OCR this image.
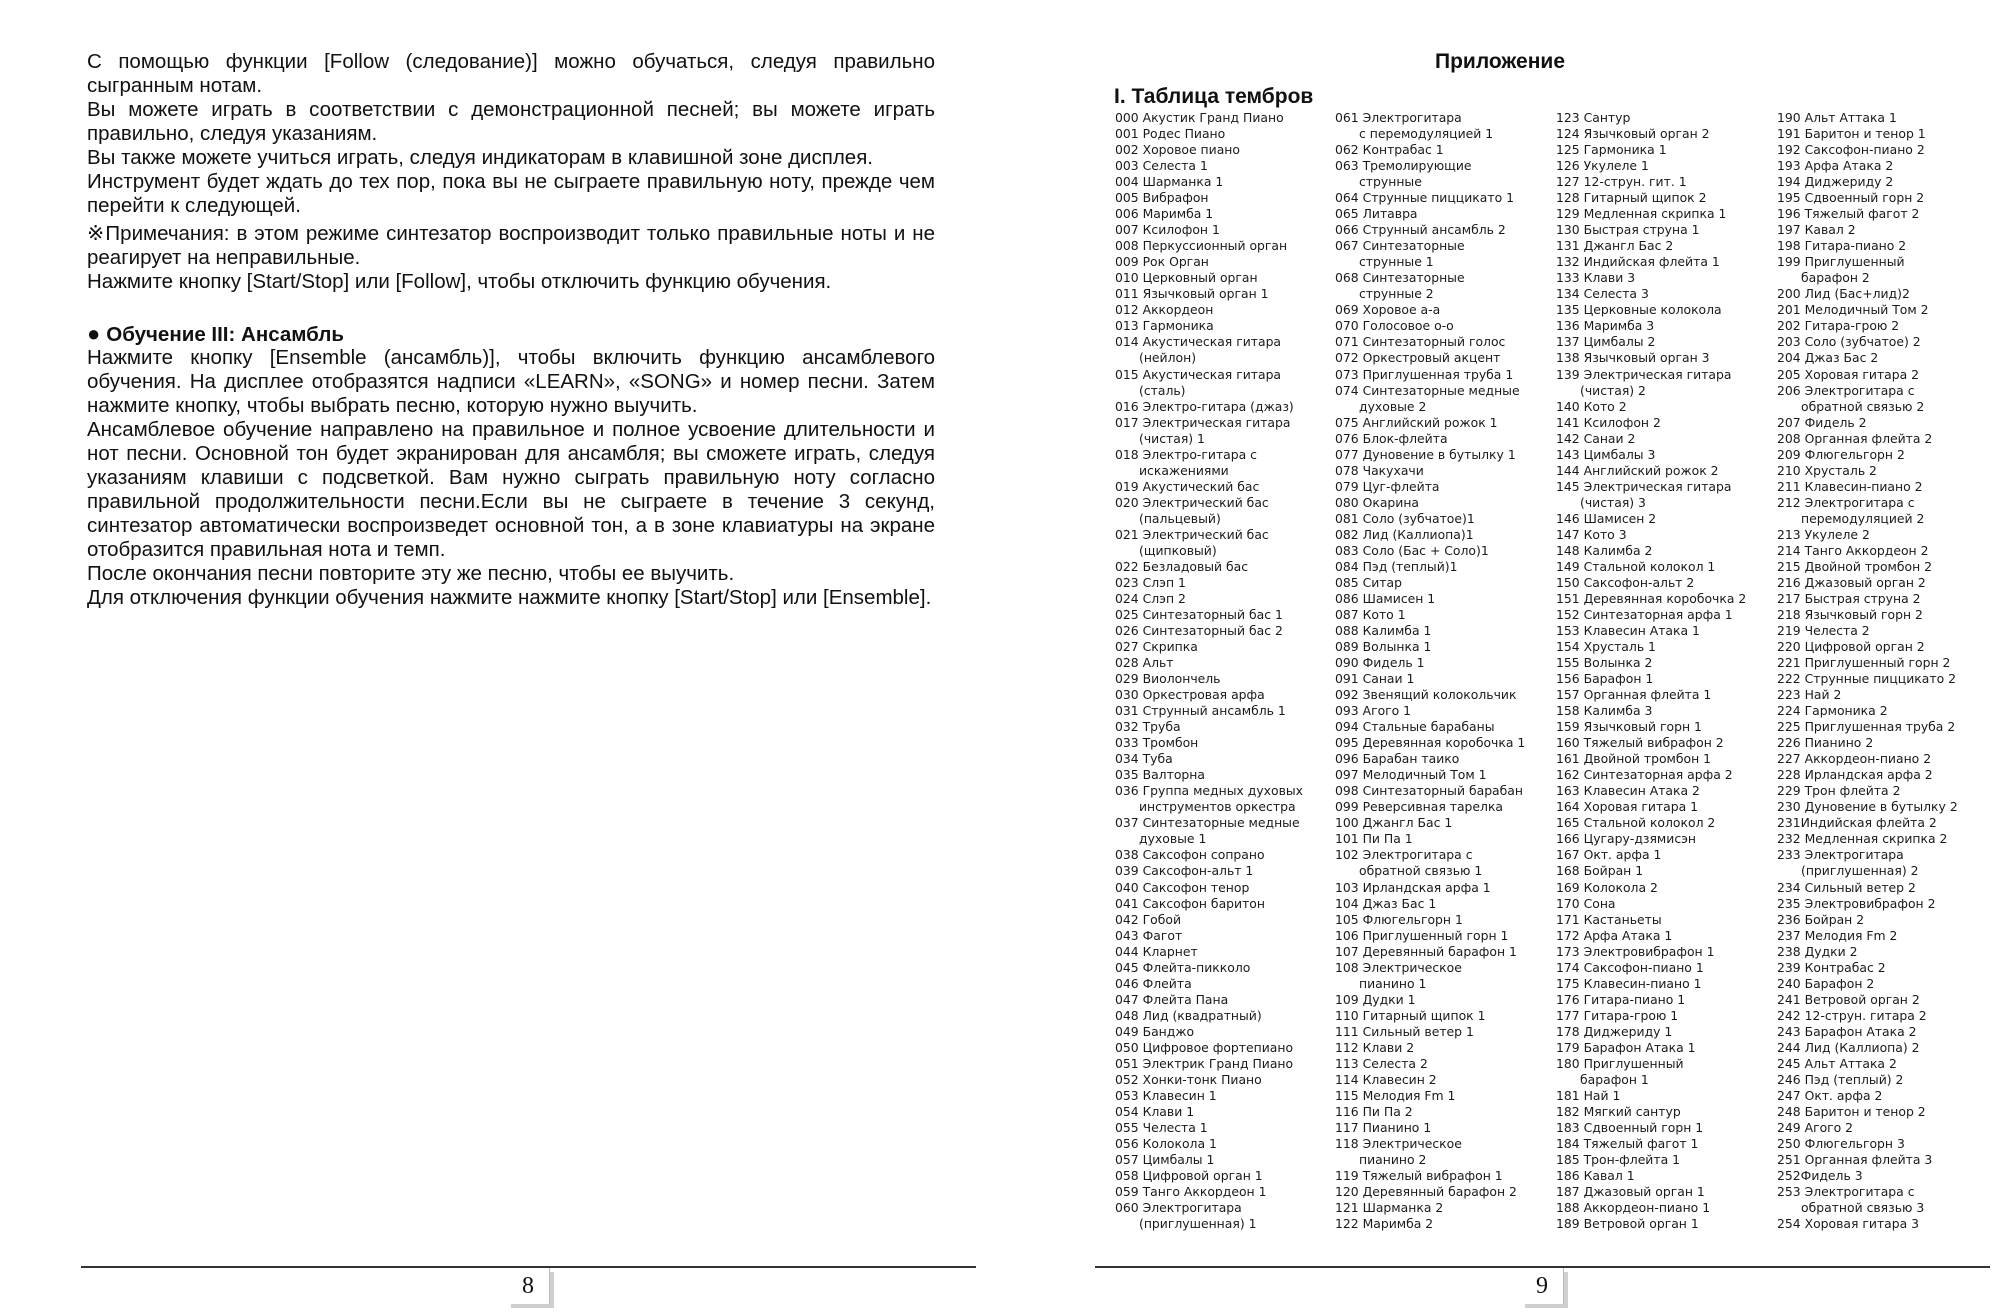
С помощью функции [Follow (следование)] можно обучаться, следуя правильно сыгранным нотам.

Вы можете играть в соответствии с демонстрационной песней; вы можете играть правильно, следуя указаниям.

Вы также можете учиться играть, следуя индикаторам в клавишной зоне дисплея.

Инструмент будет ждать до тех пор, пока вы не сыграете правильную ноту, прежде чем перейти к следующей.

※Примечания: в этом режиме синтезатор воспроизводит только правильные ноты и не реагирует на неправильные.

Нажмите кнопку [Start/Stop] или [Follow], чтобы отключить функцию обучения.

● Обучение III: Ансамбль

Нажмите кнопку [Ensemble (ансамбль)], чтобы включить функцию ансамблевого обучения. На дисплее отобразятся надписи «LEARN», «SONG» и номер песни. Затем нажмите кнопку, чтобы выбрать песню, которую нужно выучить.

Ансамблевое обучение направлено на правильное и полное усвоение длительности и нот песни. Основной тон будет экранирован для ансамбля; вы сможете играть, следуя указаниям клавиши с подсветкой. Вам нужно сыграть правильную ноту согласно правильной продолжительности песни.Если вы не сыграете в течение 3 секунд, синтезатор автоматически воспроизведет основной тон, а в зоне клавиатуры на экране отобразится правильная нота и темп.

После окончания песни повторите эту же песню, чтобы ее выучить.

Для отключения функции обучения нажмите нажмите кнопку [Start/Stop] или [Ensemble].

8
Приложение
I. Таблица тембров
000 Акустик Гранд Пиано
001 Родес Пиано
002 Хоровое пиано
003 Селеста 1
004 Шарманка 1
005 Вибрафон
006 Маримба 1
007 Ксилофон 1
008 Перкуссионный орган
009 Рок Орган
010 Церковный орган
011 Язычковый орган 1
012 Аккордеон
013 Гармоника
014 Акустическая гитара
(нейлон)
015 Акустическая гитара
(сталь)
016 Электро-гитара (джаз)
017 Электрическая гитара
(чистая) 1
018 Электро-гитара с
искажениями
019 Акустический бас
020 Электрический бас
(пальцевый)
021 Электрический бас
(щипковый)
022 Безладовый бас
023 Слэп 1
024 Слэп 2
025 Синтезаторный бас 1
026 Синтезаторный бас 2
027 Скрипка
028 Альт
029 Виолончель
030 Оркестровая арфа
031 Струнный ансамбль 1
032 Труба
033 Тромбон
034 Туба
035 Валторна
036 Группа медных духовых
инструментов оркестра
037 Синтезаторные медные
духовые 1
038 Саксофон сопрано
039 Саксофон-альт 1
040 Саксофон тенор
041 Саксофон баритон
042 Гобой
043 Фагот
044 Кларнет
045 Флейта-пикколо
046 Флейта
047 Флейта Пана
048 Лид (квадратный)
049 Банджо
050 Цифровое фортепиано
051 Электрик Гранд Пиано
052 Хонки-тонк Пиано
053 Клавесин 1
054 Клави 1
055 Челеста 1
056 Колокола 1
057 Цимбалы 1
058 Цифровой орган 1
059 Танго Аккордеон 1
060 Электрогитара
(приглушенная) 1
061 Электрогитара
с перемодуляцией 1
062 Контрабас 1
063 Тремолирующие
струнные
064 Струнные пиццикато 1
065 Литавра
066 Струнный ансамбль 2
067 Синтезаторные
струнные 1
068 Синтезаторные
струнные 2
069 Хоровое а-а
070 Голосовое о-о
071 Синтезаторный голос
072 Оркестровый акцент
073 Приглушенная труба 1
074 Синтезаторные медные
духовые 2
075 Английский рожок 1
076 Блок-флейта
077 Дуновение в бутылку 1
078 Чакухачи
079 Цуг-флейта
080 Окарина
081 Соло (зубчатое)1
082 Лид (Каллиопа)1
083 Соло (Бас + Соло)1
084 Пэд (теплый)1
085 Ситар
086 Шамисен 1
087 Кото 1
088 Калимба 1
089 Волынка 1
090 Фидель 1
091 Санаи 1
092 Звенящий колокольчик
093 Агого 1
094 Стальные барабаны
095 Деревянная коробочка 1
096 Барабан таико
097 Мелодичный Том 1
098 Синтезаторный барабан
099 Реверсивная тарелка
100 Джангл Бас 1
101 Пи Па 1
102 Электрогитара с
обратной связью 1
103 Ирландская арфа 1
104 Джаз Бас 1
105 Флюгельгорн 1
106 Приглушенный горн 1
107 Деревянный барафон 1
108 Электрическое
пианино 1
109 Дудки 1
110 Гитарный щипок 1
111 Сильный ветер 1
112 Клави 2
113 Селеста 2
114 Клавесин 2
115 Мелодия Fm 1
116 Пи Па 2
117 Пианино 1
118 Электрическое
пианино 2
119 Тяжелый вибрафон 1
120 Деревянный барафон 2
121 Шарманка 2
122 Маримба 2
123 Сантур
124 Язычковый орган 2
125 Гармоника 1
126 Укулеле 1
127 12-струн. гит. 1
128 Гитарный щипок 2
129 Медленная скрипка 1
130 Быстрая струна 1
131 Джангл Бас 2
132 Индийская флейта 1
133 Клави 3
134 Селеста 3
135 Церковные колокола
136 Маримба 3
137 Цимбалы 2
138 Язычковый орган 3
139 Электрическая гитара
(чистая) 2
140 Кото 2
141 Ксилофон 2
142 Санаи 2
143 Цимбалы 3
144 Английский рожок 2
145 Электрическая гитара
(чистая) 3
146 Шамисен 2
147 Кото 3
148 Калимба 2
149 Стальной колокол 1
150 Саксофон-альт 2
151 Деревянная коробочка 2
152 Синтезаторная арфа 1
153 Клавесин Атака 1
154 Хрусталь 1
155 Волынка 2
156 Барафон 1
157 Органная флейта 1
158 Калимба 3
159 Язычковый горн 1
160 Тяжелый вибрафон 2
161 Двойной тромбон 1
162 Синтезаторная арфа 2
163 Клавесин Атака 2
164 Хоровая гитара 1
165 Стальной колокол 2
166 Цугару-дзямисэн
167 Окт. арфа 1
168 Бойран 1
169 Колокола 2
170 Сона
171 Кастаньеты
172 Арфа Атака 1
173 Электровибрафон 1
174 Саксофон-пиано 1
175 Клавесин-пиано 1
176 Гитара-пиано 1
177 Гитара-грою 1
178 Диджериду 1
179 Барафон Атака 1
180 Приглушенный
барафон 1
181 Най 1
182 Мягкий сантур
183 Сдвоенный горн 1
184 Тяжелый фагот 1
185 Трон-флейта 1
186 Кавал 1
187 Джазовый орган 1
188 Аккордеон-пиано 1
189 Ветровой орган 1
190 Альт Аттака 1
191 Баритон и тенор 1
192 Саксофон-пиано 2
193 Арфа Атака 2
194 Диджериду 2
195 Сдвоенный горн 2
196 Тяжелый фагот 2
197 Кавал 2
198 Гитара-пиано 2
199 Приглушенный
барафон 2
200 Лид (Бас+лид)2
201 Мелодичный Том 2
202 Гитара-грою 2
203 Соло (зубчатое) 2
204 Джаз Бас 2
205 Хоровая гитара 2
206 Электрогитара с
обратной связью 2
207 Фидель 2
208 Органная флейта 2
209 Флюгельгорн 2
210 Хрусталь 2
211 Клавесин-пиано 2
212 Электрогитара с
перемодуляцией 2
213 Укулеле 2
214 Танго Аккордеон 2
215 Двойной тромбон 2
216 Джазовый орган 2
217 Быстрая струна 2
218 Язычковый горн 2
219 Челеста 2
220 Цифровой орган 2
221 Приглушенный горн 2
222 Струнные пиццикато 2
223 Най 2
224 Гармоника 2
225 Приглушенная труба 2
226 Пианино 2
227 Аккордеон-пиано 2
228 Ирландская арфа 2
229 Трон флейта 2
230 Дуновение в бутылку 2
231Индийская флейта 2
232 Медленная скрипка 2
233 Электрогитара
(приглушенная) 2
234 Сильный ветер 2
235 Электровибрафон 2
236 Бойран 2
237 Мелодия Fm 2
238 Дудки 2
239 Контрабас 2
240 Барафон 2
241 Ветровой орган 2
242 12-струн. гитара 2
243 Барафон Атака 2
244 Лид (Каллиопа) 2
245 Альт Аттака 2
246 Пэд (теплый) 2
247 Окт. арфа 2
248 Баритон и тенор 2
249 Агого 2
250 Флюгельгорн 3
251 Органная флейта 3
252Фидель 3
253 Электрогитара с
обратной связью 3
254 Хоровая гитара 3
9
